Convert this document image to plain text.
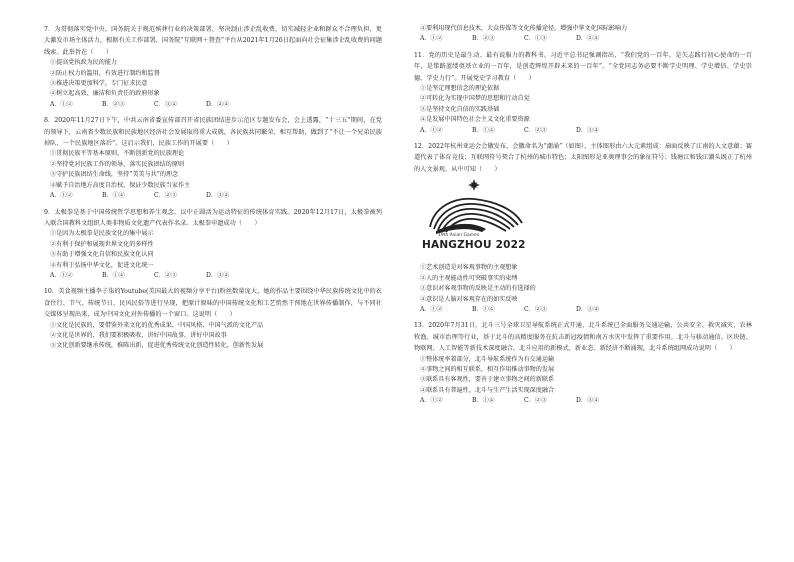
7．为贯彻落实党中央、国务院关于规范殡葬行业的决策部署，坚决制止涉企乱收费，切实减轻企业和群众不合理负担，更大激发市场主体活力，根据有关工作部署，国务院“互联网＋督查”平台从2021年1月26日起面向社会征集涉企乱收费的问题线索。此举旨在（　　）

①提高党执政为民的能力

②防止权力的滥用，有效进行制约和监督

③推进决策更加科学，专门征求民意

④树立起高效、廉洁和负责任的政府形象

A．①②	B．②③	C．③④	D．②④

8．2020年11月27日下午，中共云南省委宣传部召开省民族团结进步示范区专题发布会，会上透露，“十三五”期间，在党的领导下，云南省少数民族和民族地区经济社会发展取得重大成就，各民族共同繁荣、相互帮助，做到了“不让一个兄弟民族掉队，一个民族地区落后”。这启示我们，民族工作的开展要（　　）

①贯彻民族平等基本原则，不断创新党的民族理论

②坚持党对民族工作的领导，落实民族团结的原则

③守护民族团结生命线，坚持“美美与共”的理念

④赋予自治地方高度自治权，保证少数民族当家作主

A．①②	B．①④	C．②③	D．③④

9．太极拳是基于中国传统哲学思想和养生观念，以中正圆活为运动特征的传统体育实践。2020年12月17日，太极拳被列入联合国教科文组织人类非物质文化遗产代表作名录。太极拳申遗成功（　　）

①是因为太极拳是民族文化的集中展示

②有利于保护和展现世界文化的多样性

③有助于增强文化自信和民族文化认同

④有利于弘扬中华文化，促进文化统一

A．①②	B．①④	C．②③	D．③④

10．美食视频主播李子柒的Youtube(美国最大的视频分享平台)粉丝数量庞大，她的作品主要围绕中华民族传统文化中的衣食住行、节气、传统节日、民风民俗等进行呈现，把原汁原味的中国传统文化和工艺悄然干预地在世界传播制作，与不同社交媒体呈现出来，成为中国文化对外传播的一个窗口。这说明（　　）

①文化是民族的，要借鉴外来文化的优秀成果，中国风格、中国气派的文化产品

②文化是世界的，我们要积极吸收、讲好中国故事，讲好中国故事

③文化创新要继承传统，推陈出新，促进优秀传统文化创造性转化，创新性发展

④要利用现代信息技术，大众传媒等文化传播途径，增强中华文化国际影响力

A．①②	B．②③	C．①③	D．②④

11．党的历史是最生动、最有说服力的教科书。习近平总书记强调指出，“我们党的一百年，是矢志践行初心使命的一百年，是筚路蓝缕奠基立业的一百年，是创造辉煌开辟未来的一百年”。“全党同志务必要不断学史明理、学史增信、学史崇德、学史力行”。开展党史学习教育（　　）

①是坚定理想信念的理论依据

②可转化为实现中国梦的思想和行动自觉

③是坚持文化自信的实践基础

④是发展中国特色社会主义文化重要资源

A．①②	B．①④	C．②③	D．③④

12．2022年杭州亚运会会徽发布，会徽命名为“潮涌”（如图），主体图形由六大元素组成：扇面反映了江南的人文意蕴；赛道代表了体育竞技；互联网符号契合了杭州的城市特色；太阳图形是亚奥理事会的象征符号；钱塘江和钱江潮头既正了杭州的人文景观。从中可知（　　）

19th Asian Games
HANGZHOU 2022

①艺术创造是对客观事物的主观想象

②人的主观能动性可突破事实的束缚

③意识对客观事物的反映是主动的有选择的

④意识是人脑对客观存在的如实反映

A．①②	B．①④	C．②③	D．③④

13．2020年7月31日，北斗三号全球卫星导航系统正式开通，北斗系统已全面服务交通运输、公共安全、救灾减灾、农林牧渔、城市治理等行业，基于北斗的高精度服务在抗击新冠疫情和南方水灾中发挥了重要作用。北斗与移动通信、区块链、物联网、人工智能等新技术深度融合，北斗应用的新模式、新业态、新经济不断涌现。北斗系统组网成功说明（　　）

①整体统率着部分，北斗导航系统作为有交通运输

②事物之间的相互联系，相互作用推动事物的发展

③联系具有客观性，要善于建立事物之间的新联系

④联系具有普遍性，北斗与生产生活实现深度融合

A．①②	B．①④	C．②③	D．③④
